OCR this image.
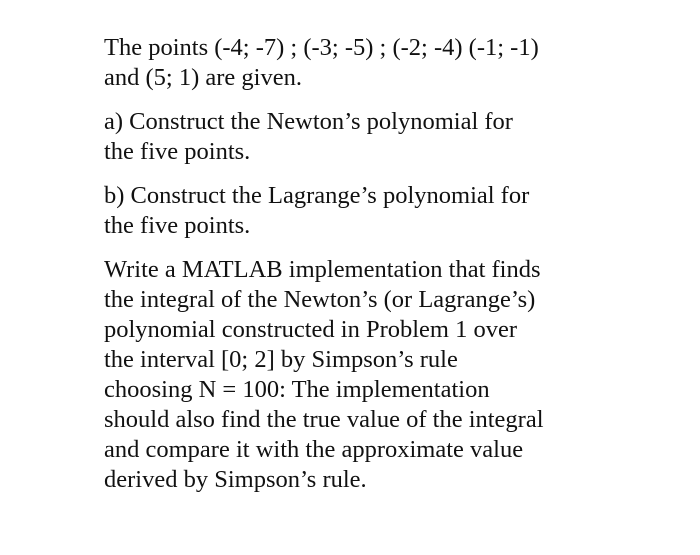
The points (-4; -7) ; (-3; -5) ; (-2; -4) (-1; -1)
and (5; 1) are given.
a) Construct the Newton’s polynomial for
the five points.
b) Construct the Lagrange’s polynomial for
the five points.
Write a MATLAB implementation that finds
the integral of the Newton’s (or Lagrange’s)
polynomial constructed in Problem 1 over
the interval [0; 2] by Simpson’s rule
choosing N = 100: The implementation
should also find the true value of the integral
and compare it with the approximate value
derived by Simpson’s rule.
